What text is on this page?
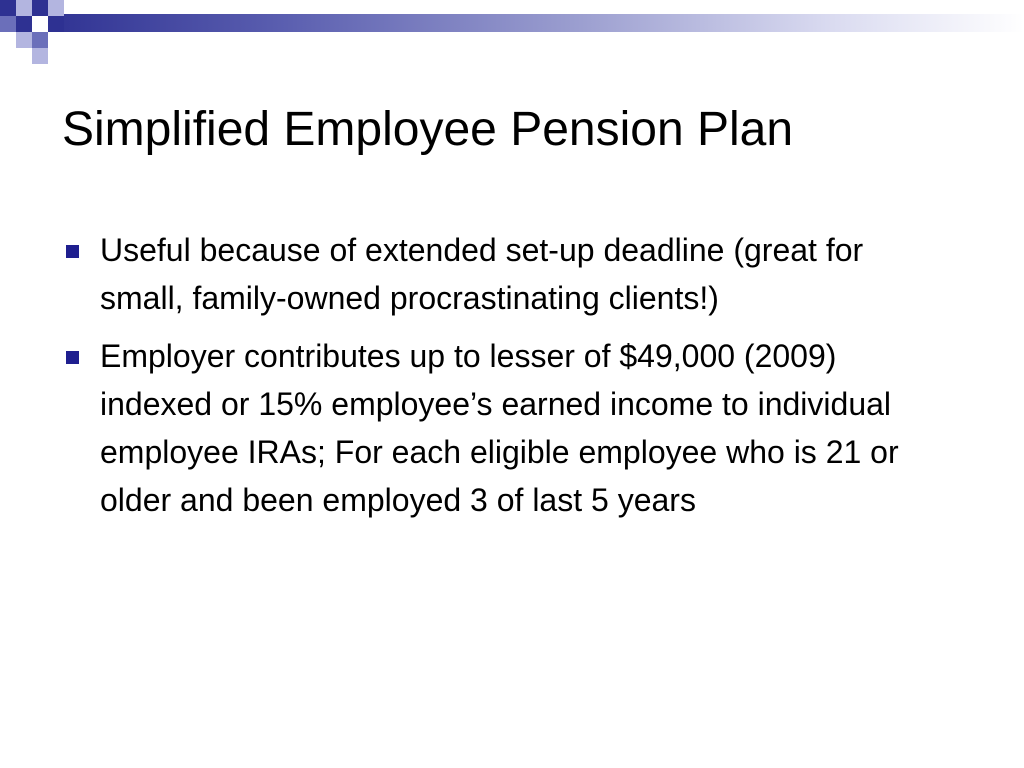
Simplified Employee Pension Plan
Useful because of extended set-up deadline (great for small, family-owned procrastinating clients!)
Employer contributes up to lesser of $49,000 (2009) indexed or 15% employee’s earned income to individual employee IRAs; For each eligible employee who is 21 or older and been employed 3 of last 5 years
